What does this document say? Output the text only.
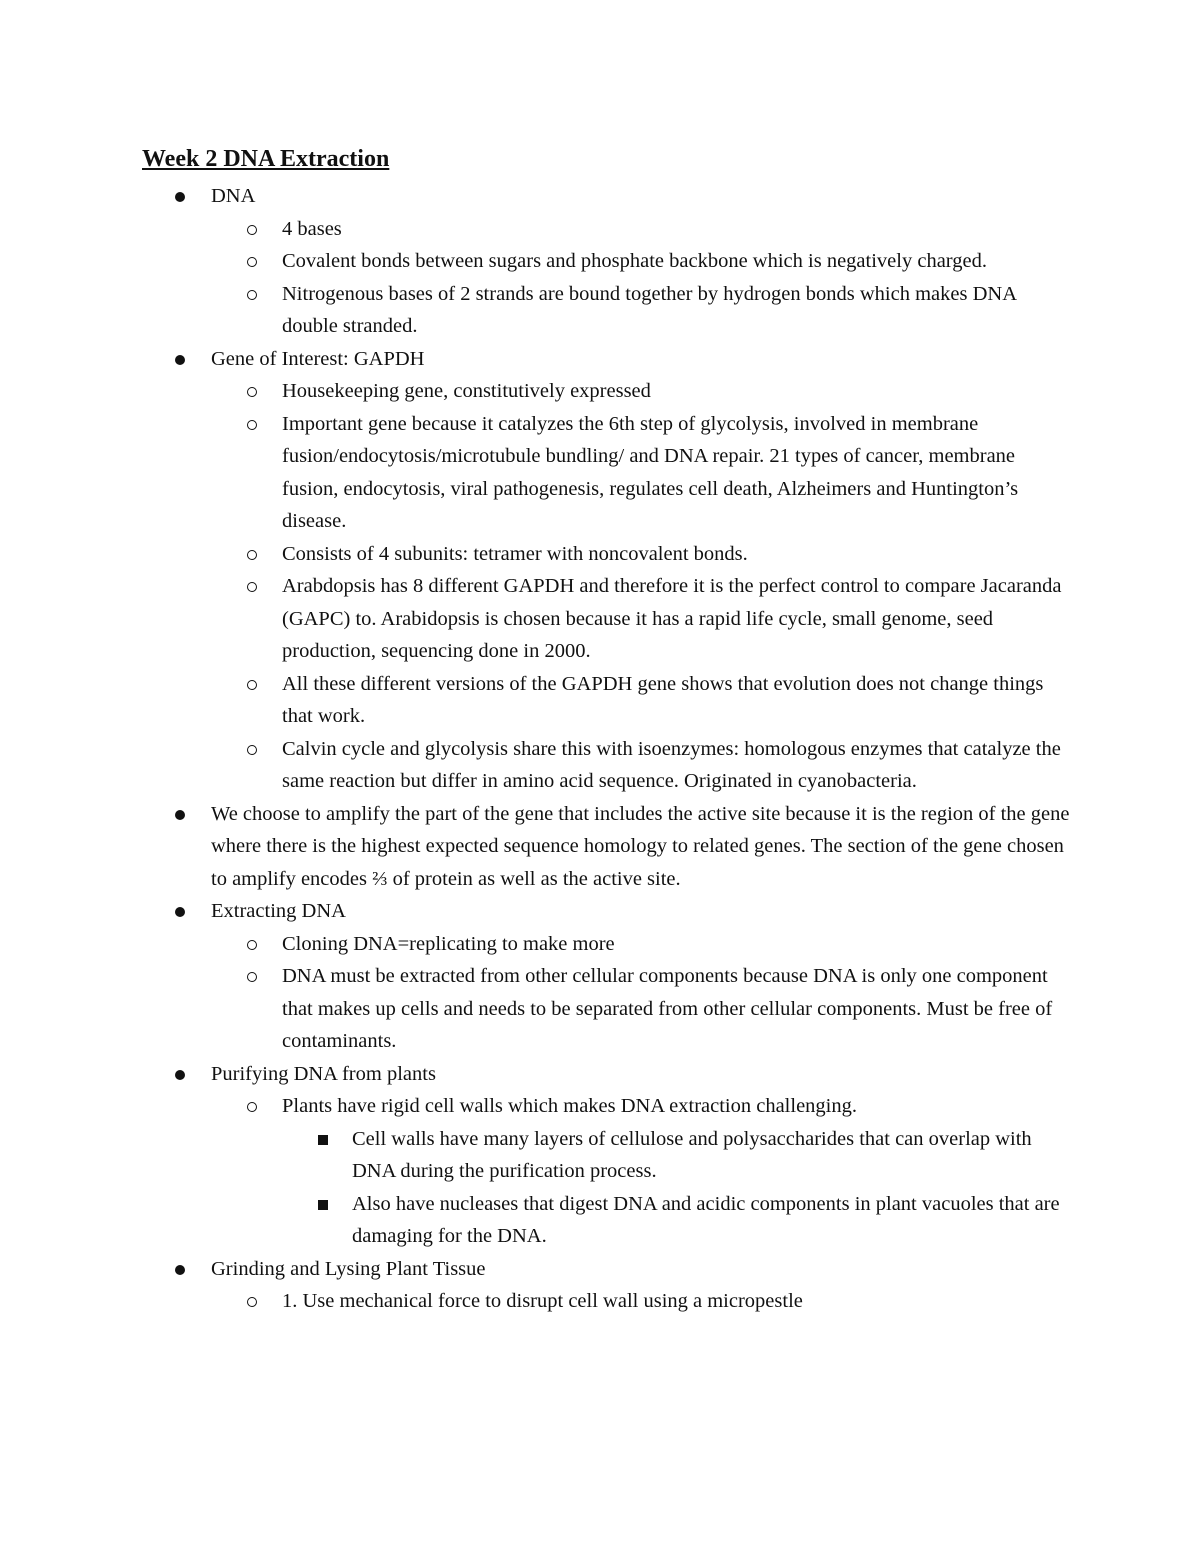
Week 2 DNA Extraction
DNA
4 bases
Covalent bonds between sugars and phosphate backbone which is negatively charged.
Nitrogenous bases of 2 strands are bound together by hydrogen bonds which makes DNA double stranded.
Gene of Interest: GAPDH
Housekeeping gene, constitutively expressed
Important gene because it catalyzes the 6th step of glycolysis, involved in membrane fusion/endocytosis/microtubule bundling/ and DNA repair. 21 types of cancer, membrane fusion, endocytosis, viral pathogenesis, regulates cell death, Alzheimers and Huntington’s disease.
Consists of 4 subunits: tetramer with noncovalent bonds.
Arabdopsis has 8 different GAPDH and therefore it is the perfect control to compare Jacaranda (GAPC) to. Arabidopsis is chosen because it has a rapid life cycle, small genome, seed production, sequencing done in 2000.
All these different versions of the GAPDH gene shows that evolution does not change things that work.
Calvin cycle and glycolysis share this with isoenzymes: homologous enzymes that catalyze the same reaction but differ in amino acid sequence. Originated in cyanobacteria.
We choose to amplify the part of the gene that includes the active site because it is the region of the gene where there is the highest expected sequence homology to related genes. The section of the gene chosen to amplify encodes ⅔ of protein as well as the active site.
Extracting DNA
Cloning DNA=replicating to make more
DNA must be extracted from other cellular components because DNA is only one component that makes up cells and needs to be separated from other cellular components. Must be free of contaminants.
Purifying DNA from plants
Plants have rigid cell walls which makes DNA extraction challenging.
Cell walls have many layers of cellulose and polysaccharides that can overlap with DNA during the purification process.
Also have nucleases that digest DNA and acidic components in plant vacuoles that are damaging for the DNA.
Grinding and Lysing Plant Tissue
1. Use mechanical force to disrupt cell wall using a micropestle
